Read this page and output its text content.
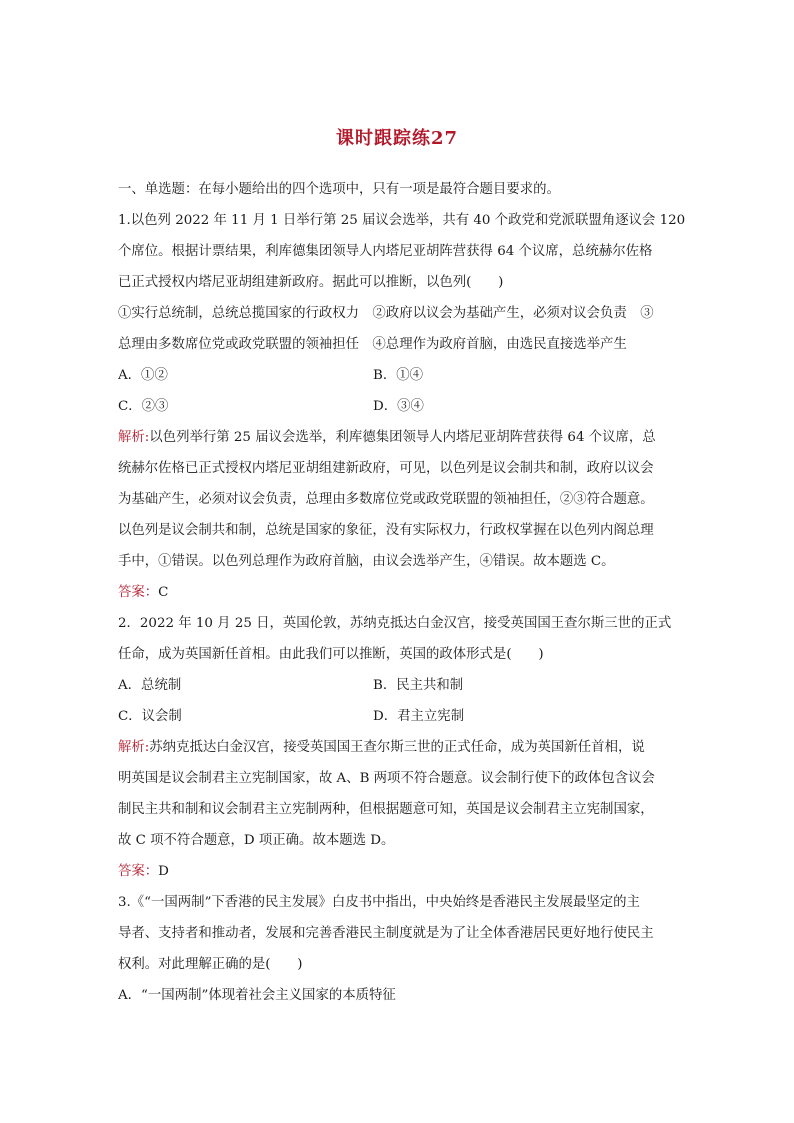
课时跟踪练27
一、单选题：在每小题给出的四个选项中，只有一项是最符合题目要求的。
1.以色列 2022 年 11 月 1 日举行第 25 届议会选举，共有 40 个政党和党派联盟角逐议会 120
个席位。根据计票结果，利库德集团领导人内塔尼亚胡阵营获得 64 个议席，总统赫尔佐格
已正式授权内塔尼亚胡组建新政府。据此可以推断，以色列(　　)
①实行总统制，总统总揽国家的行政权力　②政府以议会为基础产生，必须对议会负责　③
总理由多数席位党或政党联盟的领袖担任　④总理作为政府首脑，由选民直接选举产生
A．①②	B．①④
C．②③	D．③④
解析:以色列举行第 25 届议会选举，利库德集团领导人内塔尼亚胡阵营获得 64 个议席，总
统赫尔佐格已正式授权内塔尼亚胡组建新政府，可见，以色列是议会制共和制，政府以议会
为基础产生，必须对议会负责，总理由多数席位党或政党联盟的领袖担任，②③符合题意。
以色列是议会制共和制，总统是国家的象征，没有实际权力，行政权掌握在以色列内阁总理
手中，①错误。以色列总理作为政府首脑，由议会选举产生，④错误。故本题选 C。
答案：C
2．2022 年 10 月 25 日，英国伦敦，苏纳克抵达白金汉宫，接受英国国王查尔斯三世的正式
任命，成为英国新任首相。由此我们可以推断，英国的政体形式是(　　)
A．总统制	B．民主共和制
C．议会制	D．君主立宪制
解析:苏纳克抵达白金汉宫，接受英国国王查尔斯三世的正式任命，成为英国新任首相，说
明英国是议会制君主立宪制国家，故 A、B 两项不符合题意。议会制行使下的政体包含议会
制民主共和制和议会制君主立宪制两种，但根据题意可知，英国是议会制君主立宪制国家，
故 C 项不符合题意，D 项正确。故本题选 D。
答案：D
3.《“一国两制”下香港的民主发展》白皮书中指出，中央始终是香港民主发展最坚定的主
导者、支持者和推动者，发展和完善香港民主制度就是为了让全体香港居民更好地行使民主
权利。对此理解正确的是(　　)
A．“一国两制”体现着社会主义国家的本质特征
